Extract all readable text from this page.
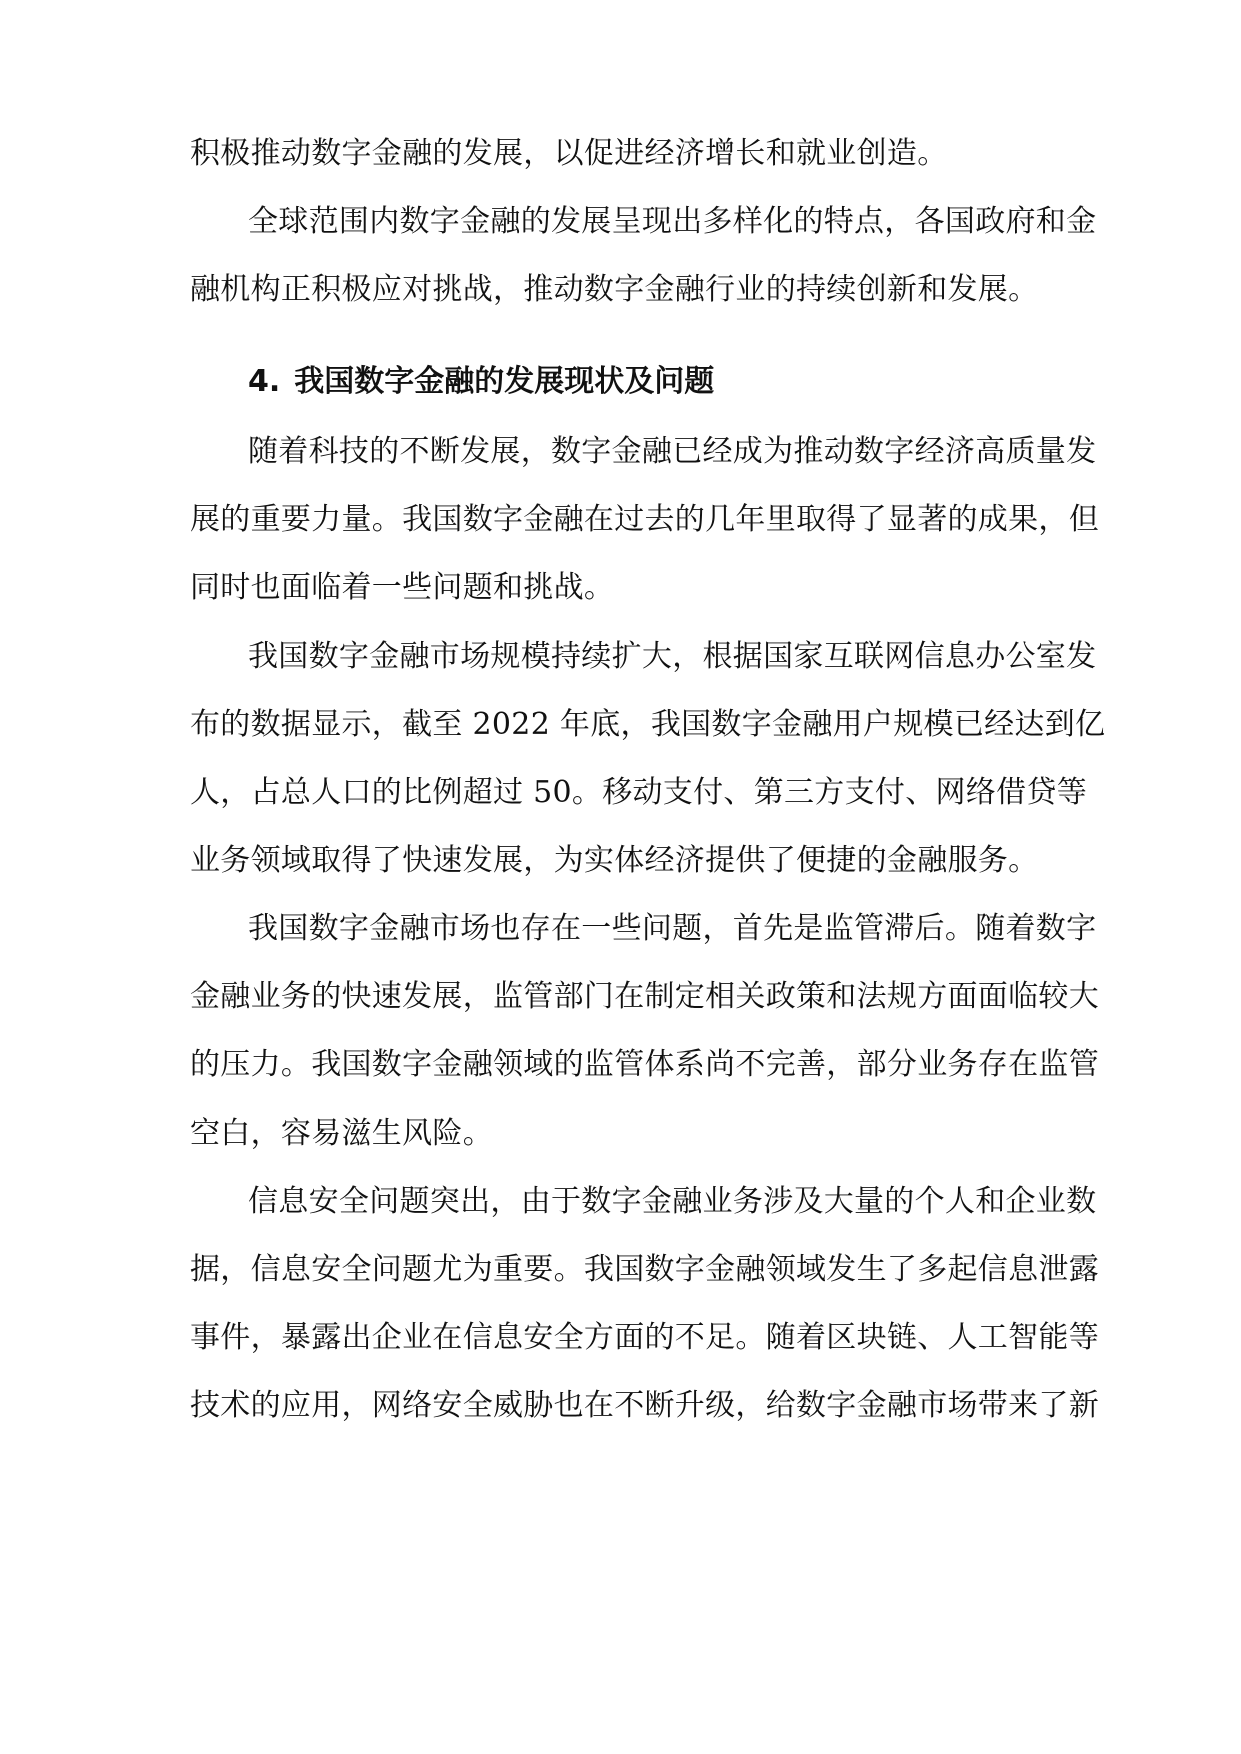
积极推动数字金融的发展，以促进经济增长和就业创造。
全球范围内数字金融的发展呈现出多样化的特点，各国政府和金
融机构正积极应对挑战，推动数字金融行业的持续创新和发展。
4. 我国数字金融的发展现状及问题
随着科技的不断发展，数字金融已经成为推动数字经济高质量发
展的重要力量。我国数字金融在过去的几年里取得了显著的成果，但
同时也面临着一些问题和挑战。
我国数字金融市场规模持续扩大，根据国家互联网信息办公室发
布的数据显示，截至 2022 年底，我国数字金融用户规模已经达到亿
人，占总人口的比例超过 50。移动支付、第三方支付、网络借贷等
业务领域取得了快速发展，为实体经济提供了便捷的金融服务。
我国数字金融市场也存在一些问题，首先是监管滞后。随着数字
金融业务的快速发展，监管部门在制定相关政策和法规方面面临较大
的压力。我国数字金融领域的监管体系尚不完善，部分业务存在监管
空白，容易滋生风险。
信息安全问题突出，由于数字金融业务涉及大量的个人和企业数
据，信息安全问题尤为重要。我国数字金融领域发生了多起信息泄露
事件，暴露出企业在信息安全方面的不足。随着区块链、人工智能等
技术的应用，网络安全威胁也在不断升级，给数字金融市场带来了新
